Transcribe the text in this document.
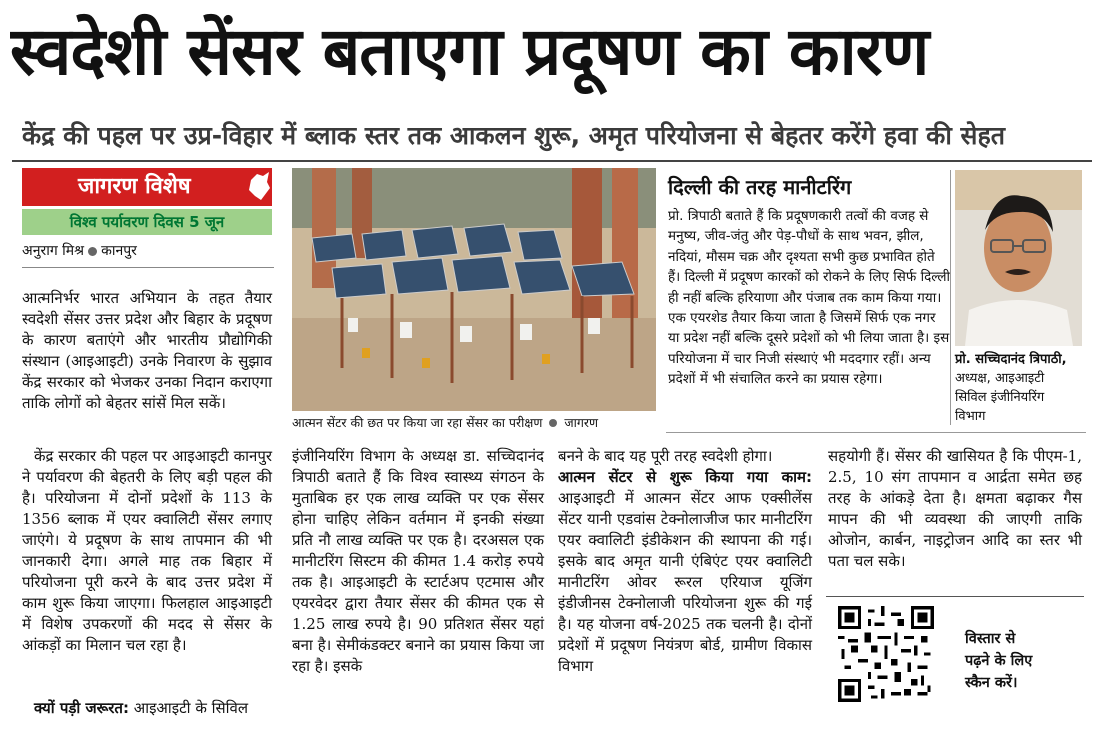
स्वदेशी सेंसर बताएगा प्रदूषण का कारण
केंद्र की पहल पर उप्र-विहार में ब्लाक स्तर तक आकलन शुरू, अमृत परियोजना से बेहतर करेंगे हवा की सेहत
जागरण विशेष
विश्व पर्यावरण दिवस 5 जून
अनुराग मिश्र कानपुर
आत्मनिर्भर भारत अभियान के तहत तैयार स्वदेशी सेंसर उत्तर प्रदेश और बिहार के प्रदूषण के कारण बताएंगे और भारतीय प्रौद्योगिकी संस्थान (आइआइटी) उनके निवारण के सुझाव केंद्र सरकार को भेजकर उनका निदान कराएगा ताकि लोगों को बेहतर सांसें मिल सकें।
केंद्र सरकार की पहल पर आइआइटी कानपुर ने पर्यावरण की बेहतरी के लिए बड़ी पहल की है। परियोजना में दोनों प्रदेशों के 113 के 1356 ब्लाक में एयर क्वालिटी सेंसर लगाए जाएंगे। ये प्रदूषण के साथ तापमान की भी जानकारी देगा। अगले माह तक बिहार में परियोजना पूरी करने के बाद उत्तर प्रदेश में काम शुरू किया जाएगा। फिलहाल आइआइटी में विशेष उपकरणों की मदद से सेंसर के आंकड़ों का मिलान चल रहा है।
क्यों पड़ी जरूरत: आइआइटी के सिविल
आत्मन सेंटर की छत पर किया जा रहा सेंसर का परीक्षण जागरण
इंजीनियरिंग विभाग के अध्यक्ष डा. सच्चिदानंद त्रिपाठी बताते हैं कि विश्व स्वास्थ्य संगठन के मुताबिक हर एक लाख व्यक्ति पर एक सेंसर होना चाहिए लेकिन वर्तमान में इनकी संख्या प्रति नौ लाख व्यक्ति पर एक है। दरअसल एक मानीटरिंग सिस्टम की कीमत 1.4 करोड़ रुपये तक है। आइआइटी के स्टार्टअप एटमास और एयरवेदर द्वारा तैयार सेंसर की कीमत एक से 1.25 लाख रुपये है। 90 प्रतिशत सेंसर यहां बना है। सेमीकंडक्टर बनाने का प्रयास किया जा रहा है। इसके
बनने के बाद यह पूरी तरह स्वदेशी होगा।
आत्मन सेंटर से शुरू किया गया काम: आइआइटी में आत्मन सेंटर आफ एक्सीलेंस सेंटर यानी एडवांस टेक्नोलाजीज फार मानीटरिंग एयर क्वालिटी इंडीकेशन की स्थापना की गई। इसके बाद अमृत यानी एंबिएंट एयर क्वालिटी मानीटरिंग ओवर रूरल एरियाज यूजिंग इंडीजीनस टेक्नोलाजी परियोजना शुरू की गई है। यह योजना वर्ष-2025 तक चलनी है। दोनों प्रदेशों में प्रदूषण नियंत्रण बोर्ड, ग्रामीण विकास विभाग
सहयोगी हैं। सेंसर की खासियत है कि पीएम-1, 2.5, 10 संग तापमान व आर्द्रता समेत छह तरह के आंकड़े देता है। क्षमता बढ़ाकर गैस मापन की भी व्यवस्था की जाएगी ताकि ओजोन, कार्बन, नाइट्रोजन आदि का स्तर भी पता चल सके।
दिल्ली की तरह मानीटरिंग
प्रो. त्रिपाठी बताते हैं कि प्रदूषणकारी तत्वों की वजह से मनुष्य, जीव-जंतु और पेड़-पौधों के साथ भवन, झील, नदियां, मौसम चक्र और दृश्यता सभी कुछ प्रभावित होते हैं। दिल्ली में प्रदूषण कारकों को रोकने के लिए सिर्फ दिल्ली ही नहीं बल्कि हरियाणा और पंजाब तक काम किया गया। एक एयरशेड तैयार किया जाता है जिसमें सिर्फ एक नगर या प्रदेश नहीं बल्कि दूसरे प्रदेशों को भी लिया जाता है। इस परियोजना में चार निजी संस्थाएं भी मददगार रहीं। अन्य प्रदेशों में भी संचालित करने का प्रयास रहेगा।
प्रो. सच्चिदानंद त्रिपाठी,
अध्यक्ष, आइआइटी
सिविल इंजीनियरिंग
विभाग
विस्तार से
पढ़ने के लिए
स्कैन करें।
